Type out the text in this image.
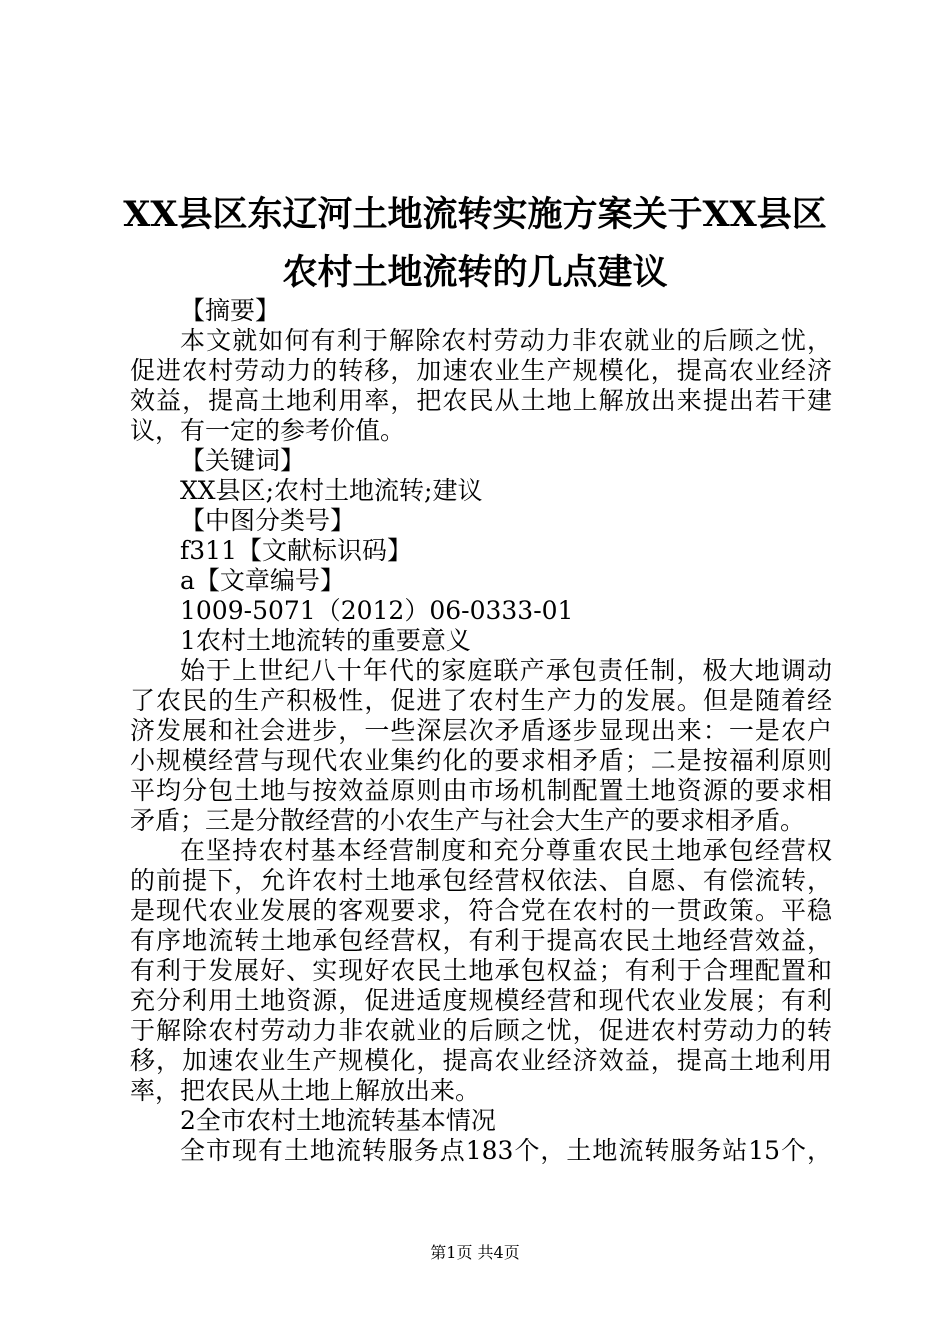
XX县区东辽河土地流转实施方案关于XX县区
农村土地流转的几点建议
【摘要】
本文就如何有利于解除农村劳动力非农就业的后顾之忧，
促进农村劳动力的转移，加速农业生产规模化，提高农业经济
效益，提高土地利用率，把农民从土地上解放出来提出若干建
议，有一定的参考价值。
【关键词】
XX县区;农村土地流转;建议
【中图分类号】
f311【文献标识码】
a【文章编号】
1009-5071（2012）06-0333-01
1农村土地流转的重要意义
始于上世纪八十年代的家庭联产承包责任制，极大地调动
了农民的生产积极性，促进了农村生产力的发展。但是随着经
济发展和社会进步，一些深层次矛盾逐步显现出来：一是农户
小规模经营与现代农业集约化的要求相矛盾；二是按福利原则
平均分包土地与按效益原则由市场机制配置土地资源的要求相
矛盾；三是分散经营的小农生产与社会大生产的要求相矛盾。
在坚持农村基本经营制度和充分尊重农民土地承包经营权
的前提下，允许农村土地承包经营权依法、自愿、有偿流转，
是现代农业发展的客观要求，符合党在农村的一贯政策。平稳
有序地流转土地承包经营权，有利于提高农民土地经营效益，
有利于发展好、实现好农民土地承包权益；有利于合理配置和
充分利用土地资源，促进适度规模经营和现代农业发展；有利
于解除农村劳动力非农就业的后顾之忧，促进农村劳动力的转
移，加速农业生产规模化，提高农业经济效益，提高土地利用
率，把农民从土地上解放出来。
2全市农村土地流转基本情况
全市现有土地流转服务点183个，土地流转服务站15个，
第1页 共4页
